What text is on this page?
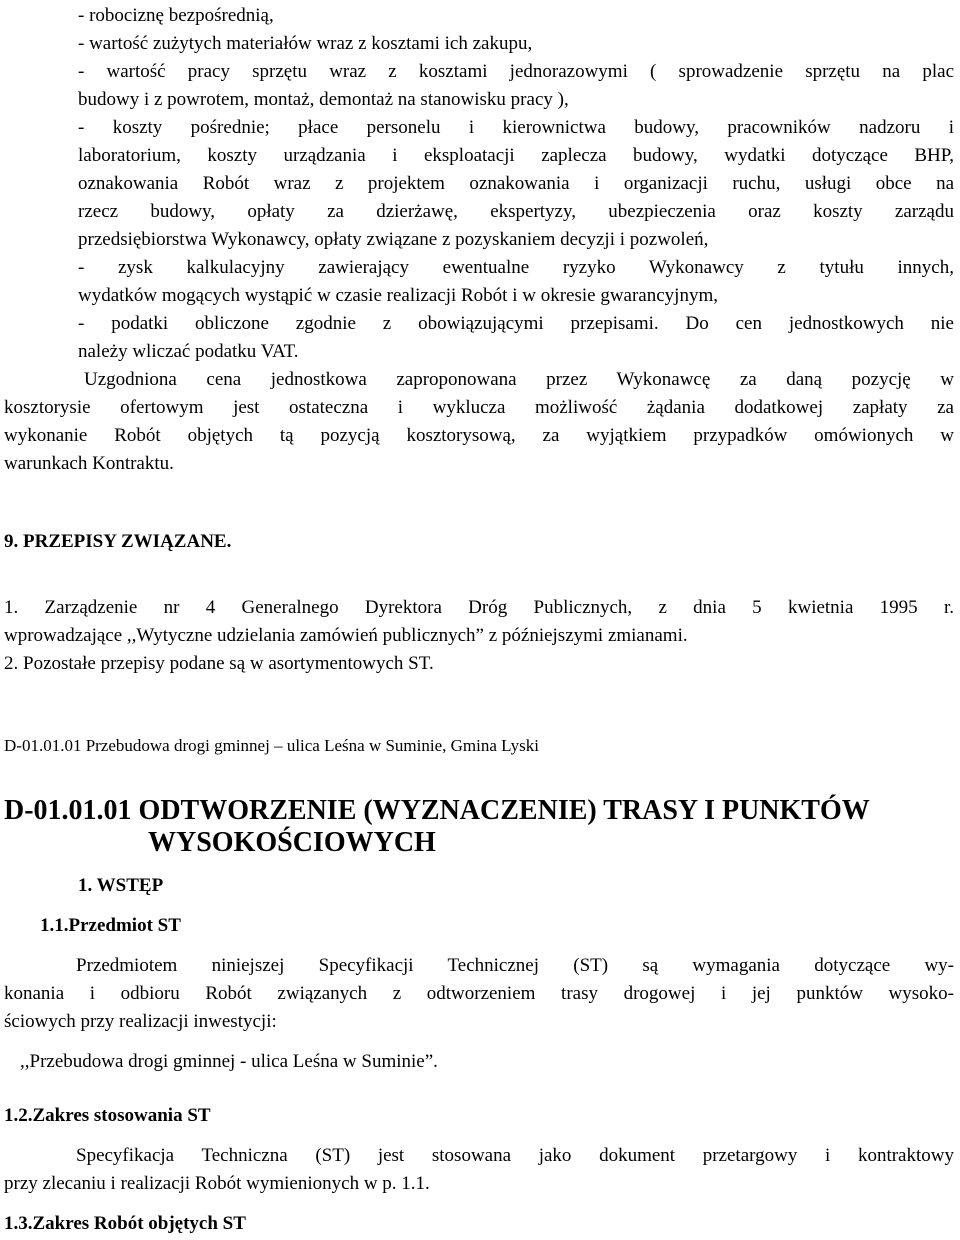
- robociznę bezpośrednią,

- wartość zużytych materiałów wraz z kosztami ich zakupu,

- wartość pracy sprzętu wraz z kosztami jednorazowymi ( sprowadzenie sprzętu na plac

budowy i z powrotem, montaż, demontaż na stanowisku pracy ),

- koszty pośrednie; płace personelu i kierownictwa budowy, pracowników nadzoru i

laboratorium, koszty urządzania i eksploatacji zaplecza budowy, wydatki dotyczące BHP,

oznakowania Robót wraz z projektem oznakowania i organizacji ruchu, usługi obce na

rzecz budowy, opłaty za dzierżawę, ekspertyzy, ubezpieczenia oraz koszty zarządu

przedsiębiorstwa Wykonawcy, opłaty związane z pozyskaniem decyzji i pozwoleń,

- zysk kalkulacyjny zawierający ewentualne ryzyko Wykonawcy z tytułu innych,

wydatków mogących wystąpić w czasie realizacji Robót i w okresie gwarancyjnym,

- podatki obliczone zgodnie z obowiązującymi przepisami. Do cen jednostkowych nie

należy wliczać podatku VAT.

Uzgodniona cena jednostkowa zaproponowana przez Wykonawcę za daną pozycję w

kosztorysie ofertowym jest ostateczna i wyklucza możliwość żądania dodatkowej zapłaty za

wykonanie Robót objętych tą pozycją kosztorysową, za wyjątkiem przypadków omówionych w

warunkach Kontraktu.

9. PRZEPISY ZWIĄZANE.

1. Zarządzenie nr 4 Generalnego Dyrektora Dróg Publicznych, z dnia 5 kwietnia 1995 r.

wprowadzające ,,Wytyczne udzielania zamówień publicznych” z późniejszymi zmianami.

2. Pozostałe przepisy podane są w asortymentowych ST.

D-01.01.01 Przebudowa drogi gminnej – ulica Leśna w Suminie, Gmina Lyski

D-01.01.01 ODTWORZENIE (WYZNACZENIE) TRASY I PUNKTÓW

WYSOKOŚCIOWYCH

1. WSTĘP

1.1.Przedmiot ST

Przedmiotem niniejszej Specyfikacji Technicznej (ST) są wymagania dotyczące wy-

konania i odbioru Robót związanych z odtworzeniem trasy drogowej i jej punktów wysoko-

ściowych przy realizacji inwestycji:

,,Przebudowa drogi gminnej - ulica Leśna w Suminie”.

1.2.Zakres stosowania ST

Specyfikacja Techniczna (ST) jest stosowana jako dokument przetargowy i kontraktowy

przy zlecaniu i realizacji Robót wymienionych w p. 1.1.

1.3.Zakres Robót objętych ST
